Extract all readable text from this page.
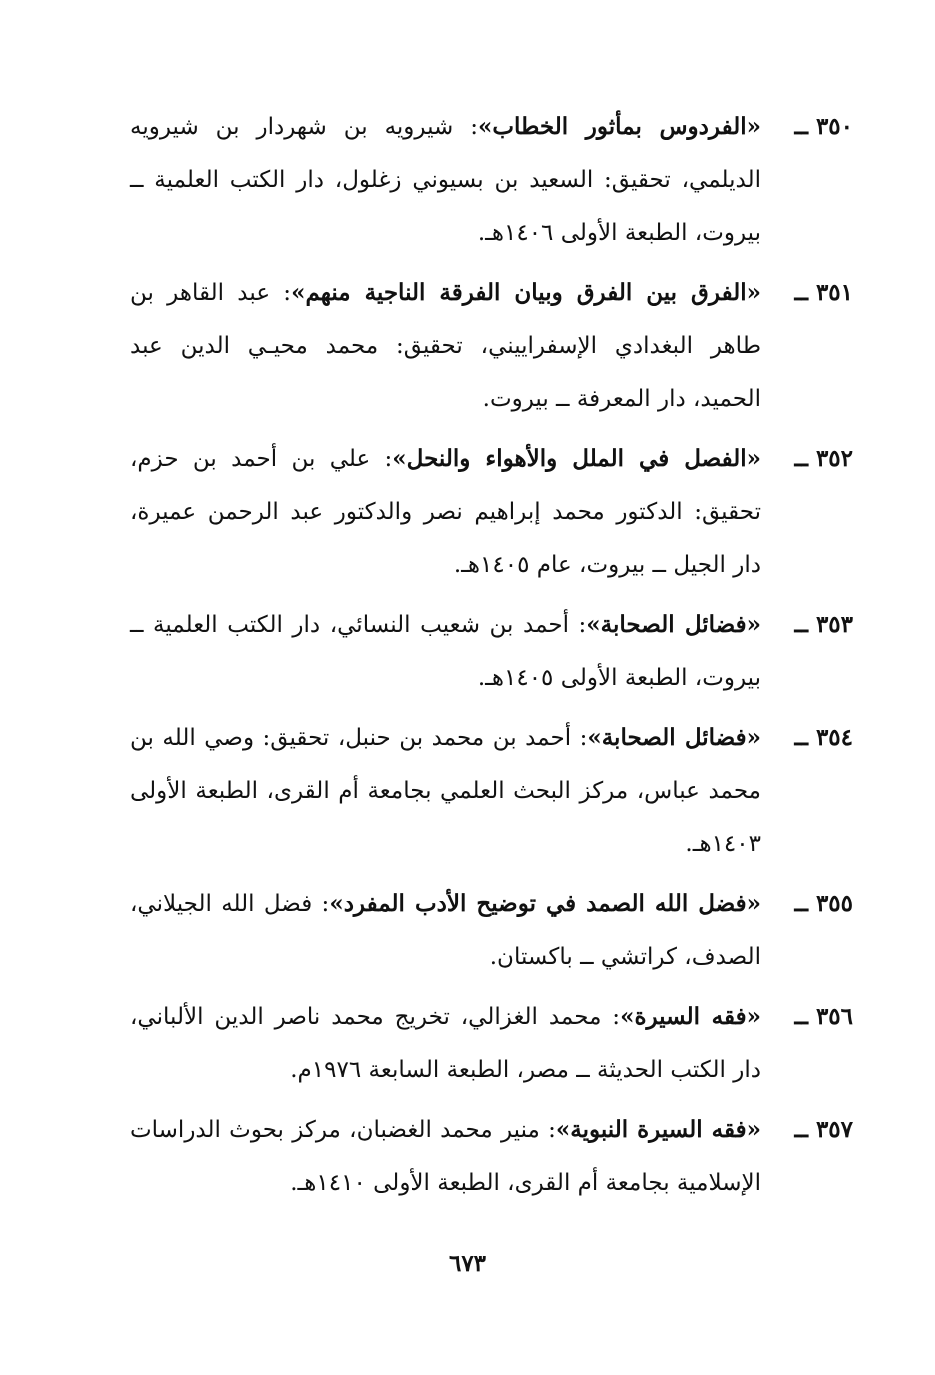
٣٥٠ ــ
«الفردوس بمأثور الخطاب»: شيرويه بن شهردار بن شيرويه الديلمي، تحقيق: السعيد بن بسيوني زغلول، دار الكتب العلمية ــ بيروت، الطبعة الأولى ١٤٠٦هـ.
٣٥١ ــ
«الفرق بين الفرق وبيان الفرقة الناجية منهم»: عبد القاهر بن طاهر البغدادي الإسفراييني، تحقيق: محمد محيـي الدين عبد الحميد، دار المعرفة ــ بيروت.
٣٥٢ ــ
«الفصل في الملل والأهواء والنحل»: علي بن أحمد بن حزم، تحقيق: الدكتور محمد إبراهيم نصر والدكتور عبد الرحمن عميرة، دار الجيل ــ بيروت، عام ١٤٠٥هـ.
٣٥٣ ــ
«فضائل الصحابة»: أحمد بن شعيب النسائي، دار الكتب العلمية ــ بيروت، الطبعة الأولى ١٤٠٥هـ.
٣٥٤ ــ
«فضائل الصحابة»: أحمد بن محمد بن حنبل، تحقيق: وصي الله بن محمد عباس، مركز البحث العلمي بجامعة أم القرى، الطبعة الأولى ١٤٠٣هـ.
٣٥٥ ــ
«فضل الله الصمد في توضيح الأدب المفرد»: فضل الله الجيلاني، الصدف، كراتشي ــ باكستان.
٣٥٦ ــ
«فقه السيرة»: محمد الغزالي، تخريج محمد ناصر الدين الألباني، دار الكتب الحديثة ــ مصر، الطبعة السابعة ١٩٧٦م.
٣٥٧ ــ
«فقه السيرة النبوية»: منير محمد الغضبان، مركز بحوث الدراسات الإسلامية بجامعة أم القرى، الطبعة الأولى ١٤١٠هـ.
٦٧٣
